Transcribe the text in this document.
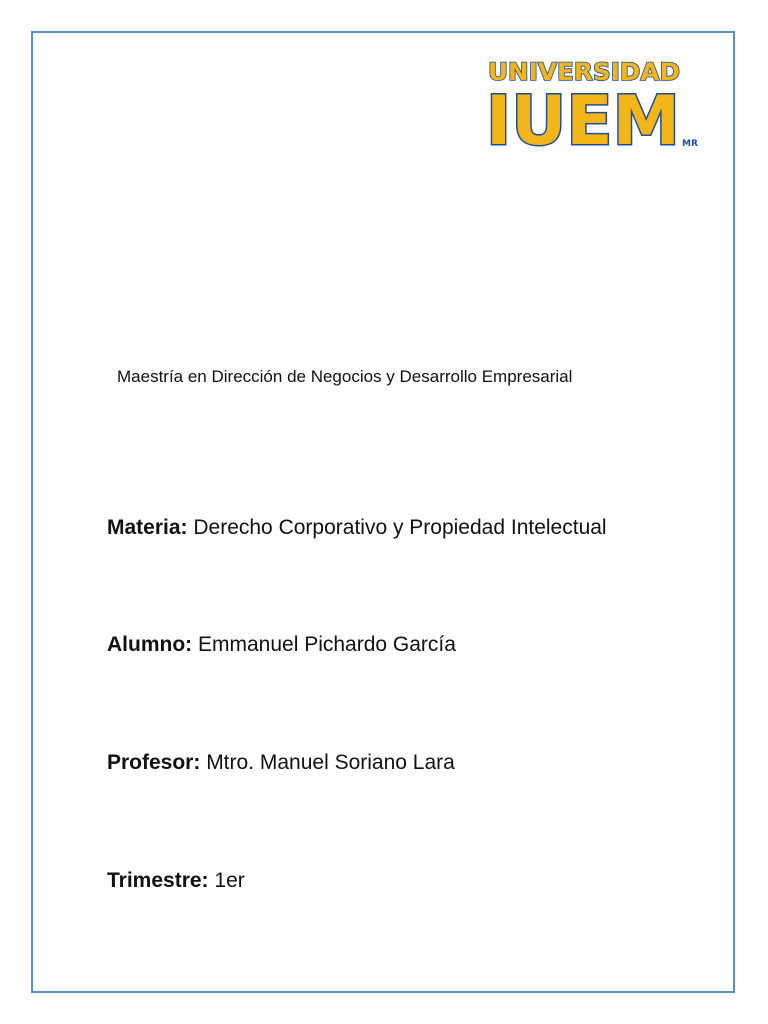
UNIVERSIDAD
IUEM MR
Maestría en Dirección de Negocios y Desarrollo Empresarial
Materia: Derecho Corporativo y Propiedad Intelectual
Alumno: Emmanuel Pichardo García
Profesor: Mtro. Manuel Soriano Lara
Trimestre: 1er
